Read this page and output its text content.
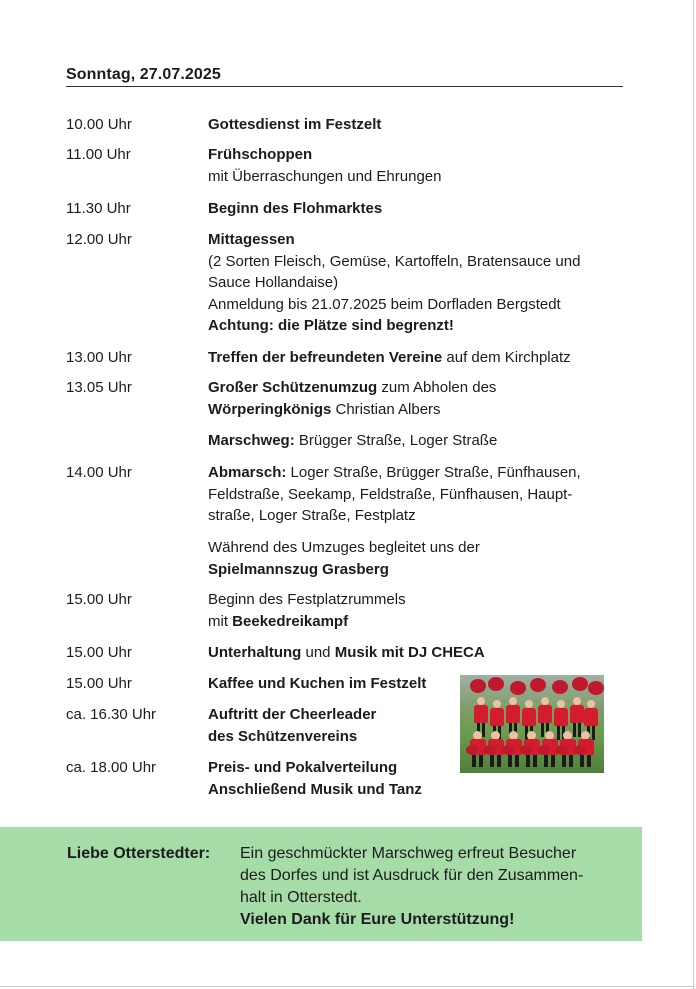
Sonntag, 27.07.2025
10.00 Uhr	Gottesdienst im Festzelt
11.00 Uhr	Frühschoppen
mit Überraschungen und Ehrungen
11.30 Uhr	Beginn des Flohmarktes
12.00 Uhr	Mittagessen
(2 Sorten Fleisch, Gemüse, Kartoffeln, Bratensauce und
Sauce Hollandaise)
Anmeldung bis 21.07.2025 beim Dorfladen Bergstedt
Achtung: die Plätze sind begrenzt!
13.00 Uhr	Treffen der befreundeten Vereine auf dem Kirchplatz
13.05 Uhr	Großer Schützenumzug zum Abholen des
Wörperingkönigs Christian Albers
Marschweg: Brügger Straße, Loger Straße
14.00 Uhr	Abmarsch: Loger Straße, Brügger Straße, Fünfhausen,
Feldstraße, Seekamp, Feldstraße, Fünfhausen, Haupt-
straße, Loger Straße, Festplatz
Während des Umzuges begleitet uns der
Spielmannszug Grasberg
15.00 Uhr	Beginn des Festplatzrummels
mit Beekedreikampf
15.00 Uhr	Unterhaltung und Musik mit DJ CHECA
15.00 Uhr	Kaffee und Kuchen im Festzelt
ca. 16.30 Uhr	Auftritt der Cheerleader
des Schützenvereins
ca. 18.00 Uhr	Preis- und Pokalverteilung
Anschließend Musik und Tanz
Liebe Otterstedter: Ein geschmückter Marschweg erfreut Besucher
des Dorfes und ist Ausdruck für den Zusammen-
halt in Otterstedt.
Vielen Dank für Eure Unterstützung!
